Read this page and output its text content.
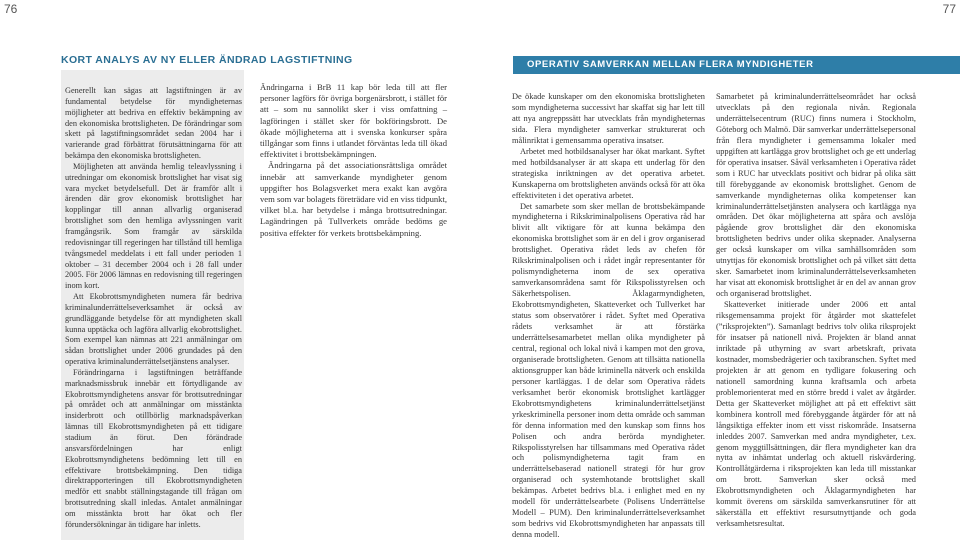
76	77
KORT ANALYS AV NY ELLER ÄNDRAD LAGSTIFTNING

Generellt kan sägas att lagstiftningen är av fundamental betydelse för myndigheternas möjligheter att bedriva en effektiv bekämpning av den ekonomiska brottsligheten. De förändringar som skett på lagstiftningsområdet sedan 2004 har i varierande grad förbättrat förutsättningarna för att bekämpa den ekonomiska brottsligheten.

Möjligheten att använda hemlig teleavlyssning i utredningar om ekonomisk brottslighet har visat sig vara mycket betydelsefull. Det är framför allt i ärenden där grov ekonomisk brottslighet har kopplingar till annan allvarlig organiserad brottslighet som den hemliga avlyssningen varit framgångsrik. Som framgår av särskilda redovisningar till regeringen har tillstånd till hemliga tvångsmedel meddelats i ett fall under perioden 1 oktober – 31 december 2004 och i 28 fall under 2005. För 2006 lämnas en redovisning till regeringen inom kort.

Att Ekobrottsmyndigheten numera får bedriva kriminalunderrättelseverksamhet är också av grundläggande betydelse för att myndigheten skall kunna upptäcka och lagföra allvarlig ekobrottslighet. Som exempel kan nämnas att 221 anmälningar om sådan brottslighet under 2006 grundades på den operativa kriminalunderrättelsetjänstens analyser.

Förändringarna i lagstiftningen beträffande marknadsmissbruk innebär ett förtydligande av Ekobrottsmyndighetens ansvar för brottsutredningar på området och att anmälningar om misstänkta insiderbrott och otillbörlig marknadspåverkan lämnas till Ekobrottsmyndigheten på ett tidigare stadium än förut. Den förändrade ansvarsfördelningen har enligt Ekobrottsmyndighetens bedömning lett till en effektivare brottsbekämpning. Den tidiga direktrapporteringen till Ekobrottsmyndigheten medför ett snabbt ställningstagande till frågan om brottsutredning skall inledas. Antalet anmälningar om misstänkta brott har ökat och fler förundersökningar än tidigare har inletts.

Ändringarna i BrB 11 kap bör leda till att fler personer lagförs för övriga borgenärsbrott, i stället för att – som nu sannolikt sker i viss omfattning – lagföringen i stället sker för bokföringsbrott. De ökade möjligheterna att i svenska konkurser spåra tillgångar som finns i utlandet förväntas leda till ökad effektivitet i brottsbekämpningen.

Ändringarna på det associationsrättsliga området innebär att samverkande myndigheter genom uppgifter hos Bolagsverket mera exakt kan avgöra vem som var bolagets företrädare vid en viss tidpunkt, vilket bl.a. har betydelse i många brottsutredningar. Lagändringen på Tullverkets område bedöms ge positiva effekter för verkets brottsbekämpning.

OPERATIV SAMVERKAN MELLAN FLERA MYNDIGHETER

De ökade kunskaper om den ekonomiska brottsligheten som myndigheterna successivt har skaffat sig har lett till att nya angreppssätt har utvecklats från myndigheternas sida. Flera myndigheter samverkar strukturerat och målinriktat i gemensamma operativa insatser.

Arbetet med hotbildsanalyser har ökat markant. Syftet med hotbildsanalyser är att skapa ett underlag för den strategiska inriktningen av det operativa arbetet. Kunskaperna om brottsligheten används också för att öka effektiviteten i det operativa arbetet.

Det samarbete som sker mellan de brottsbekämpande myndigheterna i Rikskriminalpolisens Operativa råd har blivit allt viktigare för att kunna bekämpa den ekonomiska brottslighet som är en del i grov organiserad brottslighet. Operativa rådet leds av chefen för Rikskriminalpolisen och i rådet ingår representanter för polismyndigheterna inom de sex operativa samverkansområdena samt för Rikspolisstyrelsen och Säkerhetspolisen. Åklagarmyndigheten, Ekobrottsmyndigheten, Skatteverket och Tullverket har status som observatörer i rådet. Syftet med Operativa rådets verksamhet är att förstärka underrättelsesamarbetet mellan olika myndigheter på central, regional och lokal nivå i kampen mot den grova, organiserade brottsligheten. Genom att tillsätta nationella aktionsgrupper kan både kriminella nätverk och enskilda personer kartläggas. I de delar som Operativa rådets verksamhet berör ekonomisk brottslighet kartlägger Ekobrottsmyndighetens kriminalunderrättelsetjänst yrkeskriminella personer inom detta område och samman för denna information med den kunskap som finns hos Polisen och andra berörda myndigheter. Rikspolisstyrelsen har tillsammans med Operativa rådet och polismyndigheterna tagit fram en underrättelsebaserad nationell strategi för hur grov organiserad och systemhotande brottslighet skall bekämpas. Arbetet bedrivs bl.a. i enlighet med en ny modell för underrättelsearbete (Polisens Underrättelse Modell – PUM). Den kriminalunderrättelseverksamhet som bedrivs vid Ekobrottsmyndigheten har anpassats till denna modell.

Samarbetet på kriminalunderrättelseområdet har också utvecklats på den regionala nivån. Regionala underrättelsecentrum (RUC) finns numera i Stockholm, Göteborg och Malmö. Där samverkar underrättelsepersonal från flera myndigheter i gemensamma lokaler med uppgiften att kartlägga grov brottslighet och ge ett underlag för operativa insatser. Såväl verksamheten i Operativa rådet som i RUC har utvecklats positivt och bidrar på olika sätt till förebyggande av ekonomisk brottslighet. Genom de samverkande myndigheternas olika kompetenser kan kriminalunderrättelsetjänsten analysera och kartlägga nya områden. Det ökar möjligheterna att spåra och avslöja pågående grov brottslighet där den ekonomiska brottsligheten bedrivs under olika skepnader. Analyserna ger också kunskaper om vilka samhällsområden som utnyttjas för ekonomisk brottslighet och på vilket sätt detta sker. Samarbetet inom kriminalunderrättelseverksamheten har visat att ekonomisk brottslighet är en del av annan grov och organiserad brottslighet.

Skatteverket initierade under 2006 ett antal riksgemensamma projekt för åtgärder mot skattefelet (”riksprojekten”). Samanlagt bedrivs tolv olika riksprojekt för insatser på nationell nivå. Projekten är bland annat inriktade på uthyrning av svart arbetskraft, privata kostnader, momsbedrägerier och taxibranschen. Syftet med projekten är att genom en tydligare fokusering och nationell samordning kunna kraftsamla och arbeta problemorienterat med en större bredd i valet av åtgärder. Detta ger Skatteverket möjlighet att på ett effektivt sätt kombinera kontroll med förebyggande åtgärder för att nå långsiktiga effekter inom ett visst riskområde. Insatserna inleddes 2007. Samverkan med andra myndigheter, t.ex. genom myggtillsättningen, där flera myndigheter kan dra nytta av inhämtat underlag och aktuell riskvärdering. Kontrollåtgärderna i riksprojekten kan leda till misstankar om brott. Samverkan sker också med Ekobrottsmyndigheten och Åklagarmyndigheten har kommit överens om särskilda samverkansrutiner för att säkerställa ett effektivt resursutnyttjande och goda verksamhetsresultat.
